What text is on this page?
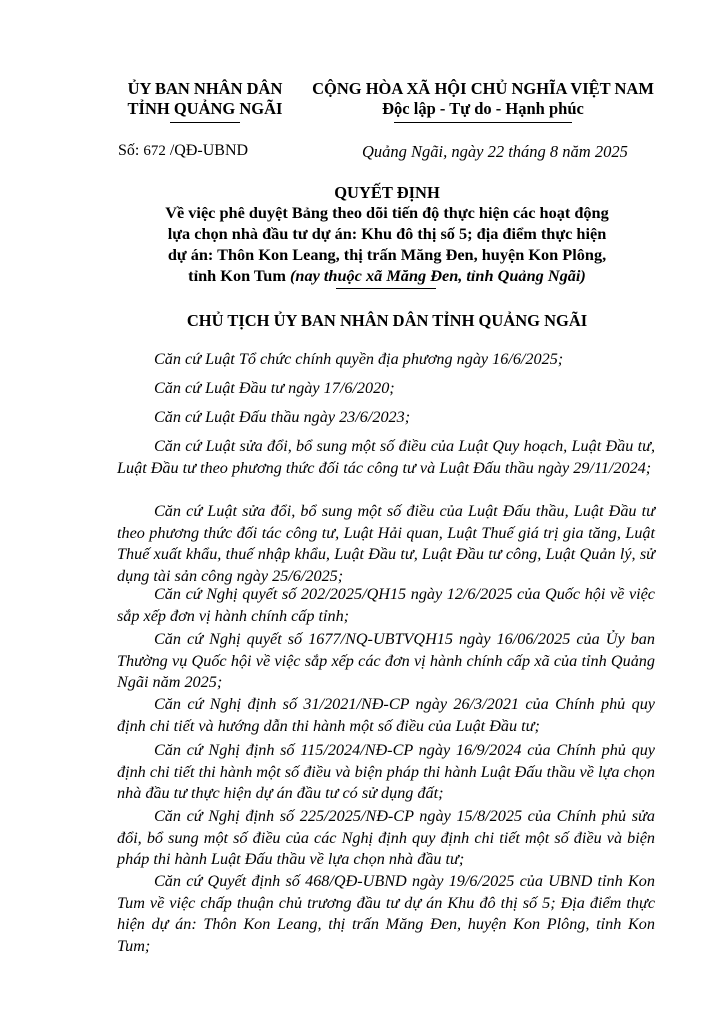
ỦY BAN NHÂN DÂN
TỈNH QUẢNG NGÃI
CỘNG HÒA XÃ HỘI CHỦ NGHĨA VIỆT NAM
Độc lập - Tự do - Hạnh phúc
Số: 672 /QĐ-UBND	Quảng Ngãi, ngày 22 tháng 8 năm 2025
QUYẾT ĐỊNH
Về việc phê duyệt Bảng theo dõi tiến độ thực hiện các hoạt động
lựa chọn nhà đầu tư dự án: Khu đô thị số 5; địa điểm thực hiện
dự án: Thôn Kon Leang, thị trấn Măng Đen, huyện Kon Plông,
tỉnh Kon Tum (nay thuộc xã Măng Đen, tỉnh Quảng Ngãi)
CHỦ TỊCH ỦY BAN NHÂN DÂN TỈNH QUẢNG NGÃI
Căn cứ Luật Tổ chức chính quyền địa phương ngày 16/6/2025;
Căn cứ Luật Đầu tư ngày 17/6/2020;
Căn cứ Luật Đấu thầu ngày 23/6/2023;
Căn cứ Luật sửa đổi, bổ sung một số điều của Luật Quy hoạch, Luật Đầu tư, Luật Đầu tư theo phương thức đối tác công tư và Luật Đấu thầu ngày 29/11/2024;
Căn cứ Luật sửa đổi, bổ sung một số điều của Luật Đấu thầu, Luật Đầu tư theo phương thức đối tác công tư, Luật Hải quan, Luật Thuế giá trị gia tăng, Luật Thuế xuất khẩu, thuế nhập khẩu, Luật Đầu tư, Luật Đầu tư công, Luật Quản lý, sử dụng tài sản công ngày 25/6/2025;
Căn cứ Nghị quyết số 202/2025/QH15 ngày 12/6/2025 của Quốc hội về việc sắp xếp đơn vị hành chính cấp tỉnh;
Căn cứ Nghị quyết số 1677/NQ-UBTVQH15 ngày 16/06/2025 của Ủy ban Thường vụ Quốc hội về việc sắp xếp các đơn vị hành chính cấp xã của tỉnh Quảng Ngãi năm 2025;
Căn cứ Nghị định số 31/2021/NĐ-CP ngày 26/3/2021 của Chính phủ quy định chi tiết và hướng dẫn thi hành một số điều của Luật Đầu tư;
Căn cứ Nghị định số 115/2024/NĐ-CP ngày 16/9/2024 của Chính phủ quy định chi tiết thi hành một số điều và biện pháp thi hành Luật Đấu thầu về lựa chọn nhà đầu tư thực hiện dự án đầu tư có sử dụng đất;
Căn cứ Nghị định số 225/2025/NĐ-CP ngày 15/8/2025 của Chính phủ sửa đổi, bổ sung một số điều của các Nghị định quy định chi tiết một số điều và biện pháp thi hành Luật Đấu thầu về lựa chọn nhà đầu tư;
Căn cứ Quyết định số 468/QĐ-UBND ngày 19/6/2025 của UBND tỉnh Kon Tum về việc chấp thuận chủ trương đầu tư dự án Khu đô thị số 5; Địa điểm thực hiện dự án: Thôn Kon Leang, thị trấn Măng Đen, huyện Kon Plông, tỉnh Kon Tum;
